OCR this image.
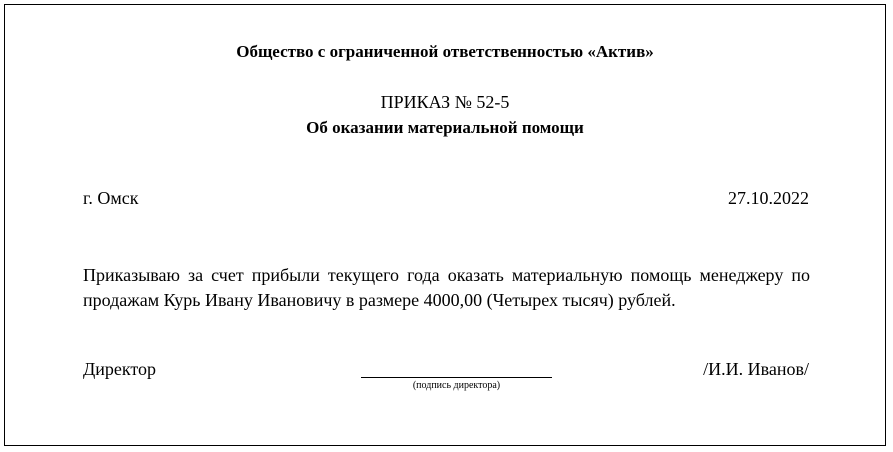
Общество с ограниченной ответственностью «Актив»
ПРИКАЗ № 52-5
Об оказании материальной помощи
г. Омск	27.10.2022

Приказываю за счет прибыли текущего года оказать материальную помощь менеджеру по продажам Курь Ивану Ивановичу в размере 4000,00 (Четырех тысяч) рублей.

Директор
(подпись директора)
/И.И. Иванов/
